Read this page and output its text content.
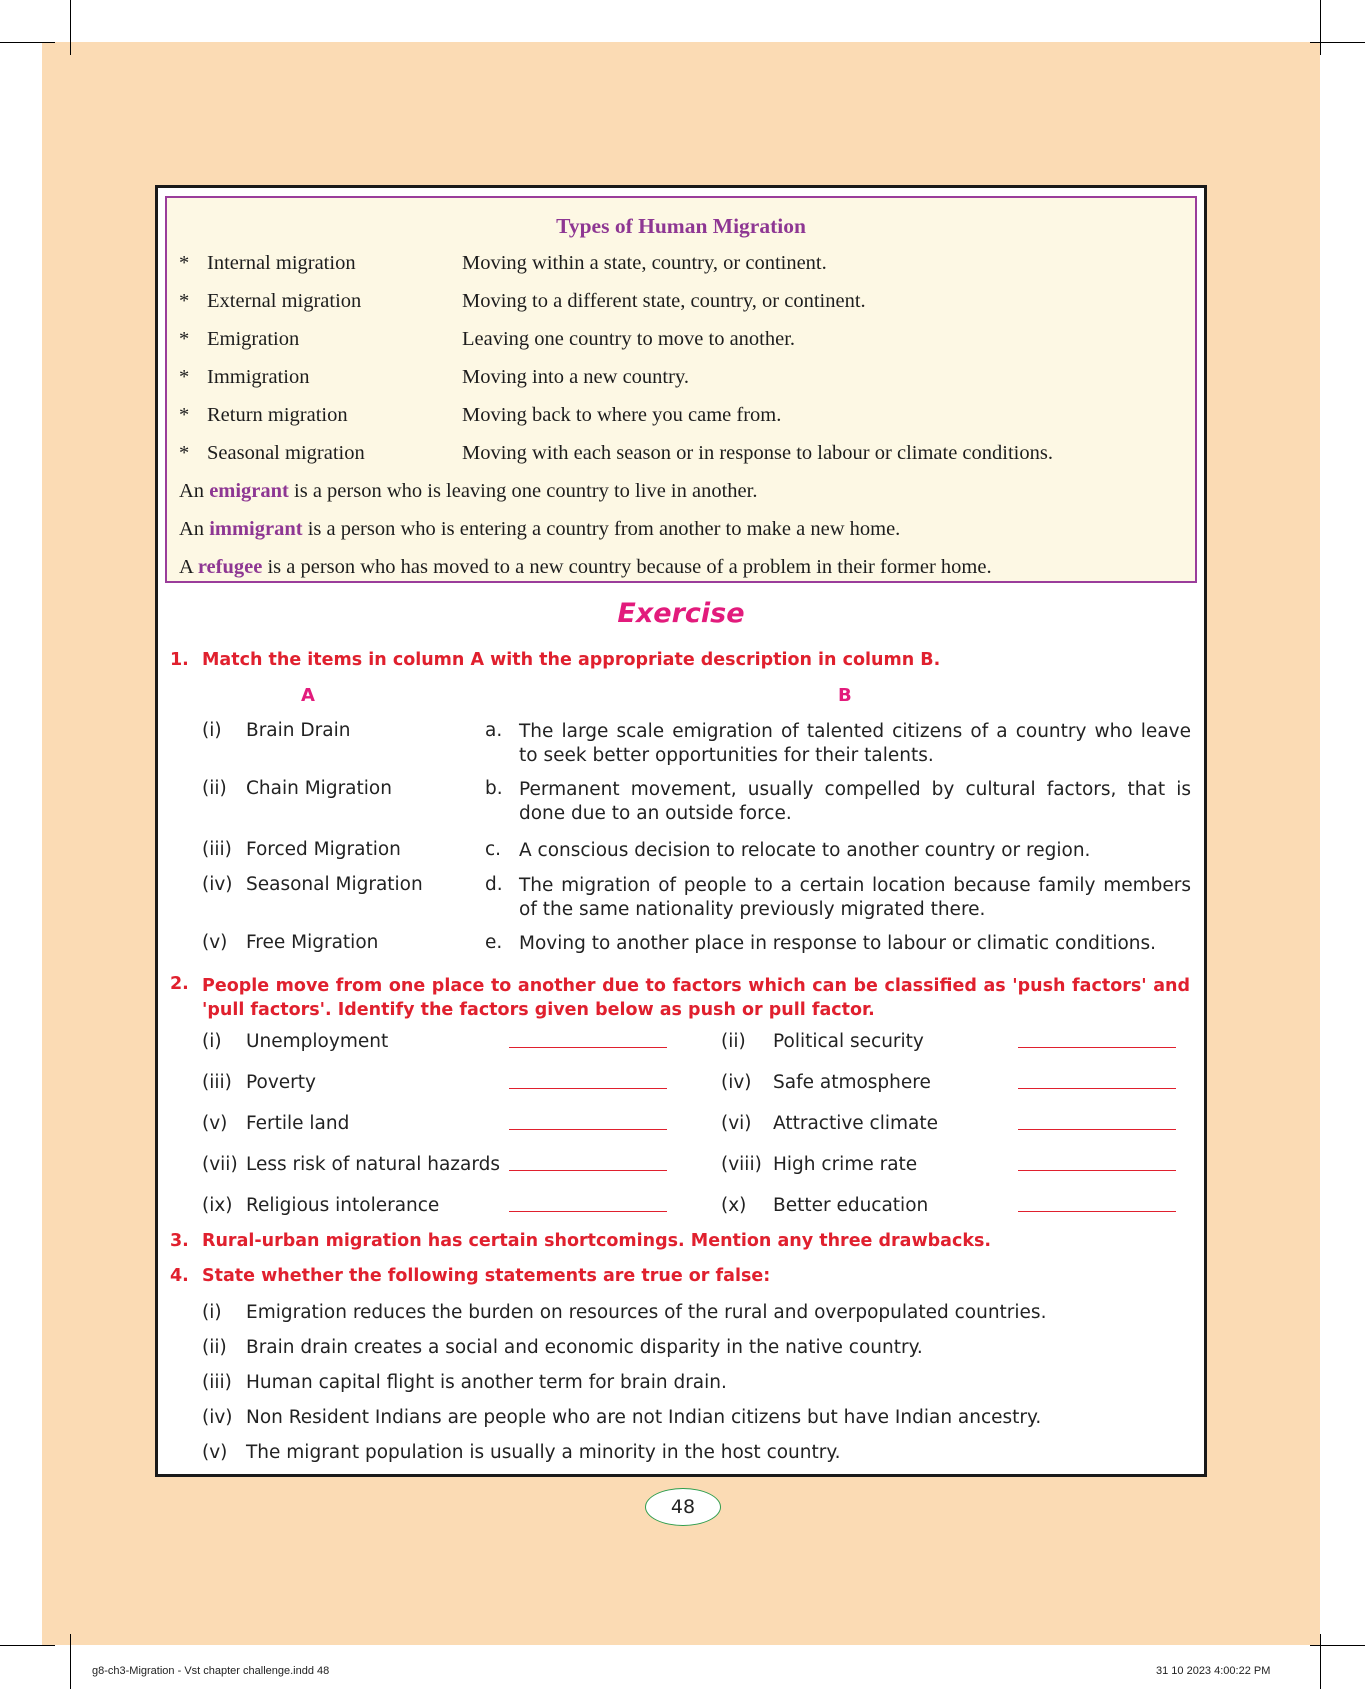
Types of Human Migration
* Internal migration	Moving within a state, country, or continent.
* External migration	Moving to a different state, country, or continent.
* Emigration	Leaving one country to move to another.
* Immigration	Moving into a new country.
* Return migration	Moving back to where you came from.
* Seasonal migration	Moving with each season or in response to labour or climate conditions.
An emigrant is a person who is leaving one country to live in another.
An immigrant is a person who is entering a country from another to make a new home.
A refugee is a person who has moved to a new country because of a problem in their former home.
Exercise
1. Match the items in column A with the appropriate description in column B.
A	B
(i) Brain Drain	a. The large scale emigration of talented citizens of a country who leave to seek better opportunities for their talents.
(ii) Chain Migration	b. Permanent movement, usually compelled by cultural factors, that is done due to an outside force.
(iii) Forced Migration	c. A conscious decision to relocate to another country or region.
(iv) Seasonal Migration	d. The migration of people to a certain location because family members of the same nationality previously migrated there.
(v) Free Migration	e. Moving to another place in response to labour or climatic conditions.
2. People move from one place to another due to factors which can be classified as 'push factors' and 'pull factors'. Identify the factors given below as push or pull factor.
(i) Unemployment	(ii) Political security
(iii) Poverty	(iv) Safe atmosphere
(v) Fertile land	(vi) Attractive climate
(vii) Less risk of natural hazards	(viii) High crime rate
(ix) Religious intolerance	(x) Better education
3. Rural-urban migration has certain shortcomings. Mention any three drawbacks.
4. State whether the following statements are true or false:
(i) Emigration reduces the burden on resources of the rural and overpopulated countries.
(ii) Brain drain creates a social and economic disparity in the native country.
(iii) Human capital flight is another term for brain drain.
(iv) Non Resident Indians are people who are not Indian citizens but have Indian ancestry.
(v) The migrant population is usually a minority in the host country.
48
g8-ch3-Migration - Vst chapter challenge.indd 48	31 10 2023 4:00:22 PM
